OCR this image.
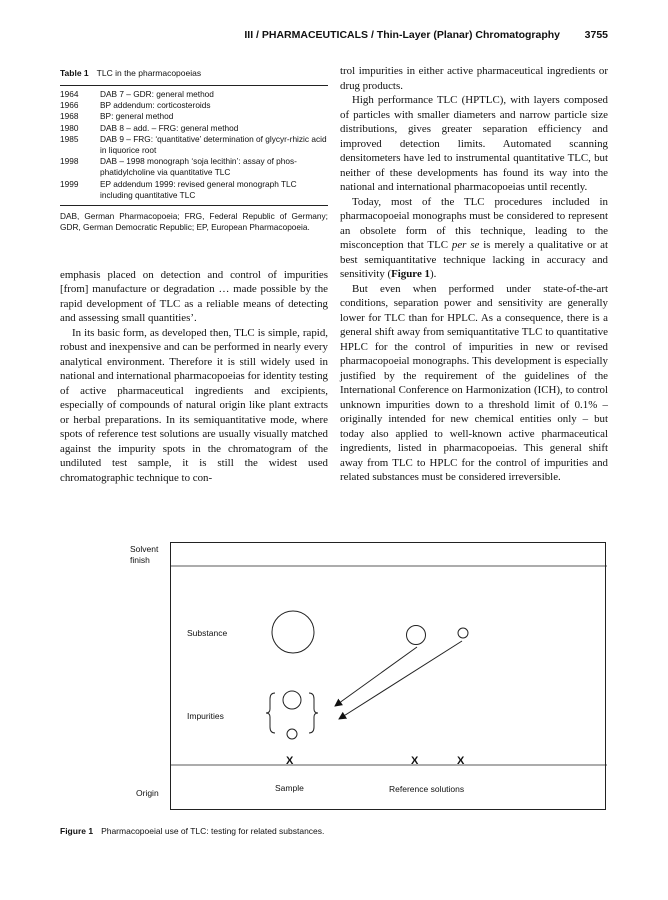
III / PHARMACEUTICALS / Thin-Layer (Planar) Chromatography 3755

Table 1 TLC in the pharmacopoeias

1964	DAB 7 – GDR: general method
1966	BP addendum: corticosteroids
1968	BP: general method
1980	DAB 8 – add. – FRG: general method
1985	DAB 9 – FRG: ‘quantitative’ determination of glycyr-rhizic acid in liquorice root
1998	DAB – 1998 monograph ‘soja lecithin’: assay of phos-phatidylcholine via quantitative TLC
1999	EP addendum 1999: revised general monograph TLC including quantitative TLC

DAB, German Pharmacopoeia; FRG, Federal Republic of Germany; GDR, German Democratic Republic; EP, European Pharmacopoeia.

emphasis placed on detection and control of impurities [from] manufacture or degradation … made possible by the rapid development of TLC as a reliable means of detecting and assessing small quantities’.

In its basic form, as developed then, TLC is simple, rapid, robust and inexpensive and can be performed in nearly every analytical environment. Therefore it is still widely used in national and international pharmacopoeias for identity testing of active pharmaceutical ingredients and excipients, especially of compounds of natural origin like plant extracts or herbal preparations. In its semiquantitative mode, where spots of reference test solutions are usually visually matched against the impurity spots in the chromatogram of the undiluted test sample, it is still the widest used chromatographic technique to con-

trol impurities in either active pharmaceutical ingredients or drug products.

High performance TLC (HPTLC), with layers composed of particles with smaller diameters and narrow particle size distributions, gives greater separation efficiency and improved detection limits. Automated scanning densitometers have led to instrumental quantitative TLC, but neither of these developments has found its way into the national and international pharmacopoeias until recently.

Today, most of the TLC procedures included in pharmacopoeial monographs must be considered to represent an obsolete form of this technique, leading to the misconception that TLC per se is merely a qualitative or at best semiquantitative technique lacking in accuracy and sensitivity (Figure 1).

But even when performed under state-of-the-art conditions, separation power and sensitivity are generally lower for TLC than for HPLC. As a consequence, there is a general shift away from semiquantitative TLC to quantitative HPLC for the control of impurities in new or revised pharmacopoeial monographs. This development is especially justified by the requirement of the guidelines of the International Conference on Harmonization (ICH), to control unknown impurities down to a threshold limit of 0.1% – originally intended for new chemical entities only – but today also applied to well-known active pharmaceutical ingredients, listed in pharmacopoeias. This general shift away from TLC to HPLC for the control of impurities and related substances must be considered irreversible.

Solvent
finish
Origin
Substance
Impurities
X	X	X
Sample	Reference solutions
Figure 1 Pharmacopoeial use of TLC: testing for related substances.
